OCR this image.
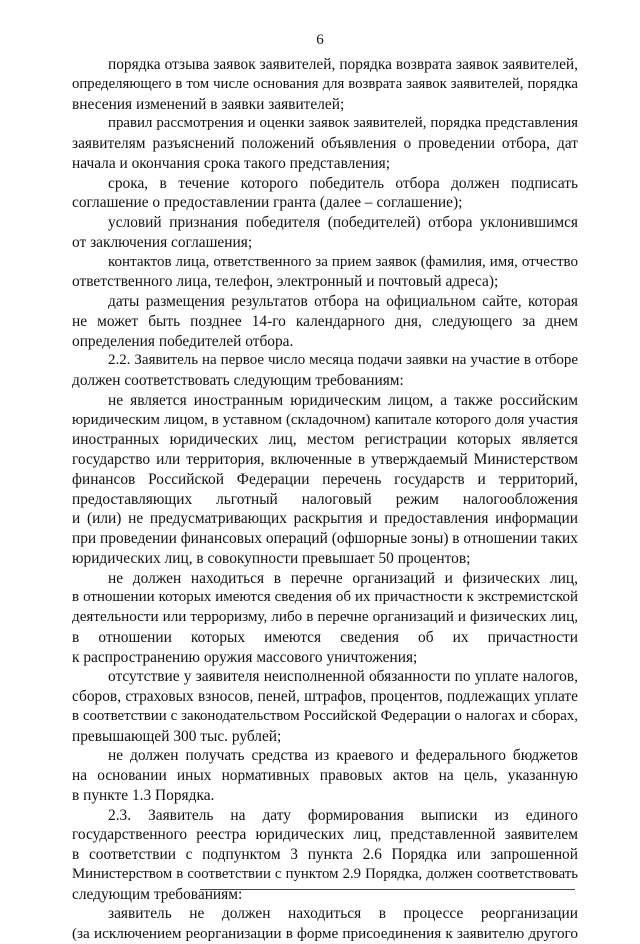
6
порядка отзыва заявок заявителей, порядка возврата заявок заявителей,
определяющего в том числе основания для возврата заявок заявителей, порядка
внесения изменений в заявки заявителей;
правил рассмотрения и оценки заявок заявителей, порядка представления
заявителям разъяснений положений объявления о проведении отбора, дат
начала и окончания срока такого представления;
срока, в течение которого победитель отбора должен подписать
соглашение о предоставлении гранта (далее – соглашение);
условий признания победителя (победителей) отбора уклонившимся
от заключения соглашения;
контактов лица, ответственного за прием заявок (фамилия, имя, отчество
ответственного лица, телефон, электронный и почтовый адреса);
даты размещения результатов отбора на официальном сайте, которая
не может быть позднее 14-го календарного дня, следующего за днем
определения победителей отбора.
2.2. Заявитель на первое число месяца подачи заявки на участие в отборе
должен соответствовать следующим требованиям:
не является иностранным юридическим лицом, а также российским
юридическим лицом, в уставном (складочном) капитале которого доля участия
иностранных юридических лиц, местом регистрации которых является
государство или территория, включенные в утверждаемый Министерством
финансов Российской Федерации перечень государств и территорий,
предоставляющих льготный налоговый режим налогообложения
и (или) не предусматривающих раскрытия и предоставления информации
при проведении финансовых операций (офшорные зоны) в отношении таких
юридических лиц, в совокупности превышает 50 процентов;
не должен находиться в перечне организаций и физических лиц,
в отношении которых имеются сведения об их причастности к экстремистской
деятельности или терроризму, либо в перечне организаций и физических лиц,
в отношении которых имеются сведения об их причастности
к распространению оружия массового уничтожения;
отсутствие у заявителя неисполненной обязанности по уплате налогов,
сборов, страховых взносов, пеней, штрафов, процентов, подлежащих уплате
в соответствии с законодательством Российской Федерации о налогах и сборах,
превышающей 300 тыс. рублей;
не должен получать средства из краевого и федерального бюджетов
на основании иных нормативных правовых актов на цель, указанную
в пункте 1.3 Порядка.
2.3. Заявитель на дату формирования выписки из единого
государственного реестра юридических лиц, представленной заявителем
в соответствии с подпунктом 3 пункта 2.6 Порядка или запрошенной
Министерством в соответствии с пунктом 2.9 Порядка, должен соответствовать
следующим требованиям:
заявитель не должен находиться в процессе реорганизации
(за исключением реорганизации в форме присоединения к заявителю другого
